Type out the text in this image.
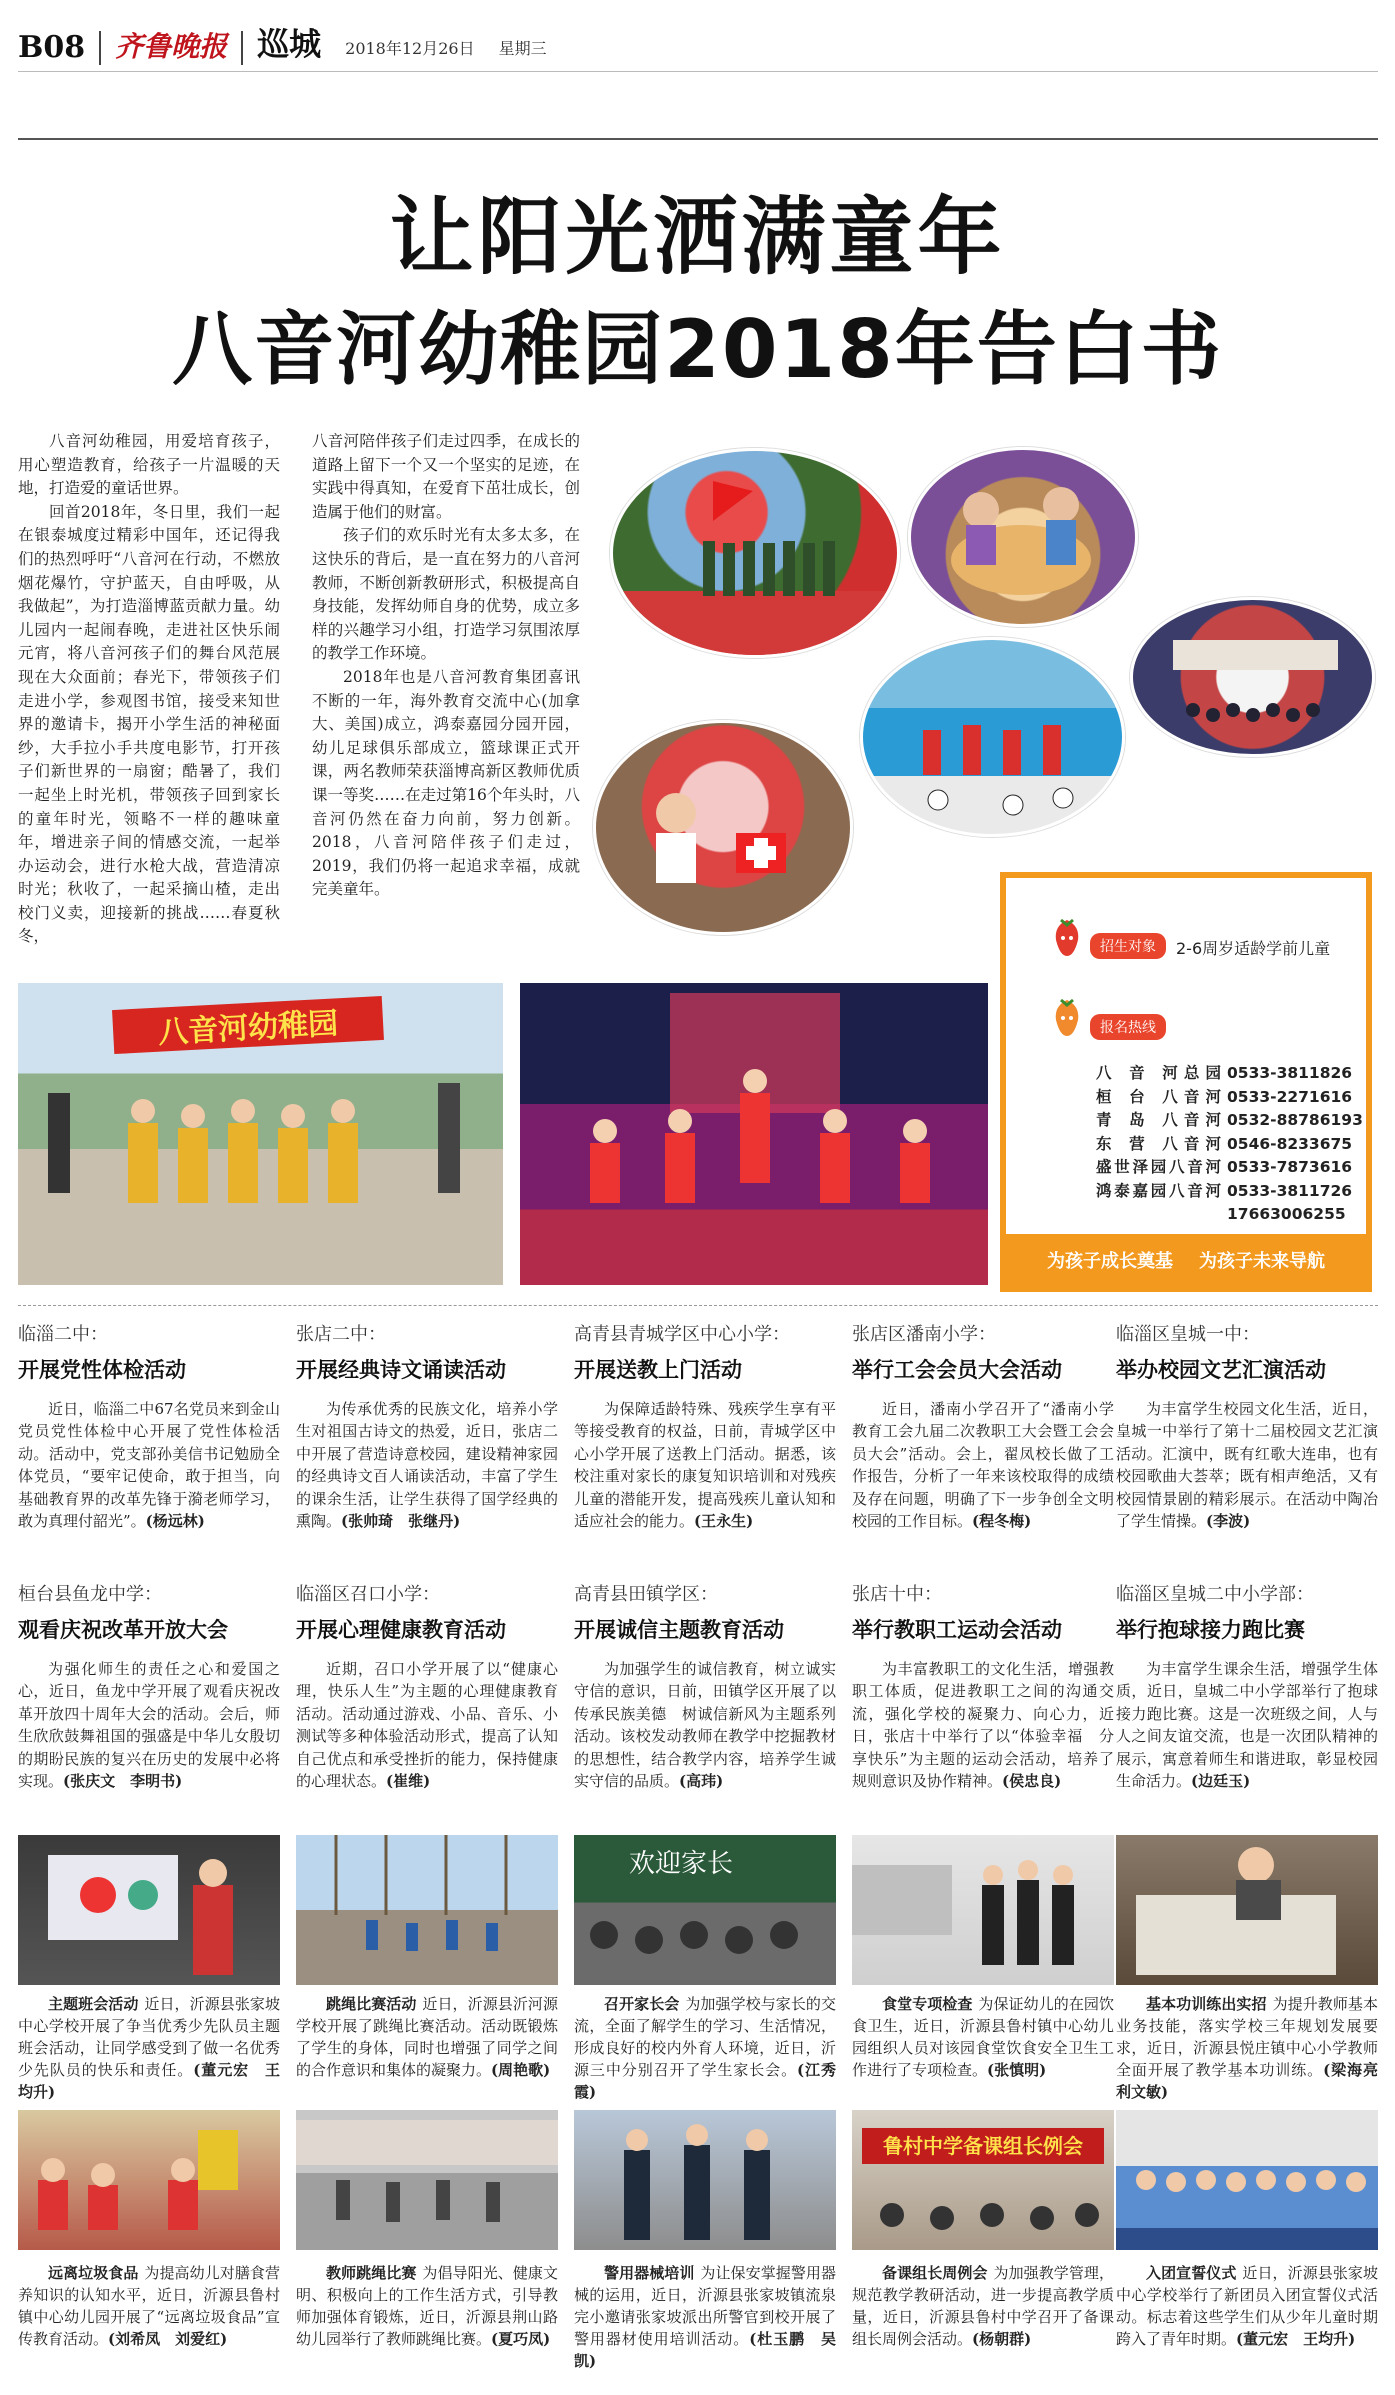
B08 齐鲁晚报 巡城 2018年12月26日 星期三
让阳光洒满童年
八音河幼稚园2018年告白书

八音河幼稚园，用爱培育孩子，用心塑造教育，给孩子一片温暖的天地，打造爱的童话世界。

回首2018年，冬日里，我们一起在银泰城度过精彩中国年，还记得我们的热烈呼吁“八音河在行动，不燃放烟花爆竹，守护蓝天，自由呼吸，从我做起”，为打造淄博蓝贡献力量。幼儿园内一起闹春晚，走进社区快乐闹元宵，将八音河孩子们的舞台风范展现在大众面前；春光下，带领孩子们走进小学，参观图书馆，接受来知世界的邀请卡，揭开小学生活的神秘面纱，大手拉小手共度电影节，打开孩子们新世界的一扇窗；酷暑了，我们一起坐上时光机，带领孩子回到家长的童年时光，领略不一样的趣味童年，增进亲子间的情感交流，一起举办运动会，进行水枪大战，营造清凉时光；秋收了，一起采摘山楂，走出校门义卖，迎接新的挑战……春夏秋冬，

八音河陪伴孩子们走过四季，在成长的道路上留下一个又一个坚实的足迹，在实践中得真知，在爱育下茁壮成长，创造属于他们的财富。

孩子们的欢乐时光有太多太多，在这快乐的背后，是一直在努力的八音河教师，不断创新教研形式，积极提高自身技能，发挥幼师自身的优势，成立多样的兴趣学习小组，打造学习氛围浓厚的教学工作环境。

2018年也是八音河教育集团喜讯不断的一年，海外教育交流中心(加拿大、美国)成立，鸿泰嘉园分园开园，幼儿足球俱乐部成立，篮球课正式开课，两名教师荣获淄博高新区教师优质课一等奖……在走过第16个年头时，八音河仍然在奋力向前，努力创新。2018，八音河陪伴孩子们走过，2019，我们仍将一起追求幸福，成就完美童年。

招生对象	2-6周岁适龄学前儿童
报名热线
八 音 河总园 0533-3811826
桓 台 八音河 0533-2271616
青 岛 八音河 0532-88786193
东 营 八音河 0546-8233675
盛世泽园八音河 0533-7873616
鸿泰嘉园八音河 0533-3811726
17663006255
为孩子成长奠基 为孩子未来导航
八音河幼稚园
临淄二中：
开展党性体检活动
近日，临淄二中67名党员来到金山党员党性体检中心开展了党性体检活动。活动中，党支部孙美信书记勉励全体党员，“要牢记使命，敢于担当，向基础教育界的改革先锋于漪老师学习，敢为真理付韶光”。(杨远林)
张店二中：
开展经典诗文诵读活动
为传承优秀的民族文化，培养小学生对祖国古诗文的热爱，近日，张店二中开展了营造诗意校园，建设精神家园的经典诗文百人诵读活动，丰富了学生的课余生活，让学生获得了国学经典的熏陶。(张帅琦　张继丹)
高青县青城学区中心小学：
开展送教上门活动
为保障适龄特殊、残疾学生享有平等接受教育的权益，日前，青城学区中心小学开展了送教上门活动。据悉，该校注重对家长的康复知识培训和对残疾儿童的潜能开发，提高残疾儿童认知和适应社会的能力。(王永生)
张店区潘南小学：
举行工会会员大会活动
近日，潘南小学召开了“潘南小学教育工会九届二次教职工大会暨工会会员大会”活动。会上，翟凤校长做了工作报告，分析了一年来该校取得的成绩及存在问题，明确了下一步争创全文明校园的工作目标。(程冬梅)
临淄区皇城一中：
举办校园文艺汇演活动
为丰富学生校园文化生活，近日，皇城一中举行了第十二届校园文艺汇演活动。汇演中，既有红歌大连串，也有校园歌曲大荟萃；既有相声绝活，又有校园情景剧的精彩展示。在活动中陶冶了学生情操。(李波)
桓台县鱼龙中学：
观看庆祝改革开放大会
为强化师生的责任之心和爱国之心，近日，鱼龙中学开展了观看庆祝改革开放四十周年大会的活动。会后，师生欣欣鼓舞祖国的强盛是中华儿女殷切的期盼民族的复兴在历史的发展中必将实现。(张庆文　李明书)
临淄区召口小学：
开展心理健康教育活动
近期，召口小学开展了以“健康心理，快乐人生”为主题的心理健康教育活动。活动通过游戏、小品、音乐、小测试等多种体验活动形式，提高了认知自己优点和承受挫折的能力，保持健康的心理状态。(崔维)
高青县田镇学区：
开展诚信主题教育活动
为加强学生的诚信教育，树立诚实守信的意识，日前，田镇学区开展了以传承民族美德　树诚信新风为主题系列活动。该校发动教师在教学中挖掘教材的思想性，结合教学内容，培养学生诚实守信的品质。(高玮)
张店十中：
举行教职工运动会活动
为丰富教职工的文化生活，增强教职工体质，促进教职工之间的沟通交流，强化学校的凝聚力、向心力，近日，张店十中举行了以“体验幸福　分享快乐”为主题的运动会活动，培养了规则意识及协作精神。(侯忠良)
临淄区皇城二中小学部：
举行抱球接力跑比赛
为丰富学生课余生活，增强学生体质，近日，皇城二中小学部举行了抱球接力跑比赛。这是一次班级之间，人与人之间友谊交流，也是一次团队精神的展示，寓意着师生和谐进取，彰显校园生命活力。(边廷玉)
欢迎家长
主题班会活动 近日，沂源县张家坡中心学校开展了争当优秀少先队员主题班会活动，让同学感受到了做一名优秀少先队员的快乐和责任。(董元宏　王均升)
跳绳比赛活动 近日，沂源县沂河源学校开展了跳绳比赛活动。活动既锻炼了学生的身体，同时也增强了同学之间的合作意识和集体的凝聚力。(周艳歌)
召开家长会 为加强学校与家长的交流，全面了解学生的学习、生活情况，形成良好的校内外育人环境，近日，沂源三中分别召开了学生家长会。(江秀霞)
食堂专项检查 为保证幼儿的在园饮食卫生，近日，沂源县鲁村镇中心幼儿园组织人员对该园食堂饮食安全卫生工作进行了专项检查。(张慎明)
基本功训练出实招 为提升教师基本业务技能，落实学校三年规划发展要求，近日，沂源县悦庄镇中心小学教师全面开展了教学基本功训练。(梁海亮　利文敏)
鲁村中学备课组长例会
远离垃圾食品 为提高幼儿对膳食营养知识的认知水平，近日，沂源县鲁村镇中心幼儿园开展了“远离垃圾食品”宣传教育活动。(刘希凤　刘爱红)
教师跳绳比赛 为倡导阳光、健康文明、积极向上的工作生活方式，引导教师加强体育锻炼，近日，沂源县荆山路幼儿园举行了教师跳绳比赛。(夏巧凤)
警用器械培训 为让保安掌握警用器械的运用，近日，沂源县张家坡镇流泉完小邀请张家坡派出所警官到校开展了警用器材使用培训活动。(杜玉鹏　吴凯)
备课组长周例会 为加强教学管理，规范教学教研活动，进一步提高教学质量，近日，沂源县鲁村中学召开了备课组长周例会活动。(杨朝群)
入团宣誓仪式 近日，沂源县张家坡中心学校举行了新团员入团宣誓仪式活动。标志着这些学生们从少年儿童时期跨入了青年时期。(董元宏　王均升)
